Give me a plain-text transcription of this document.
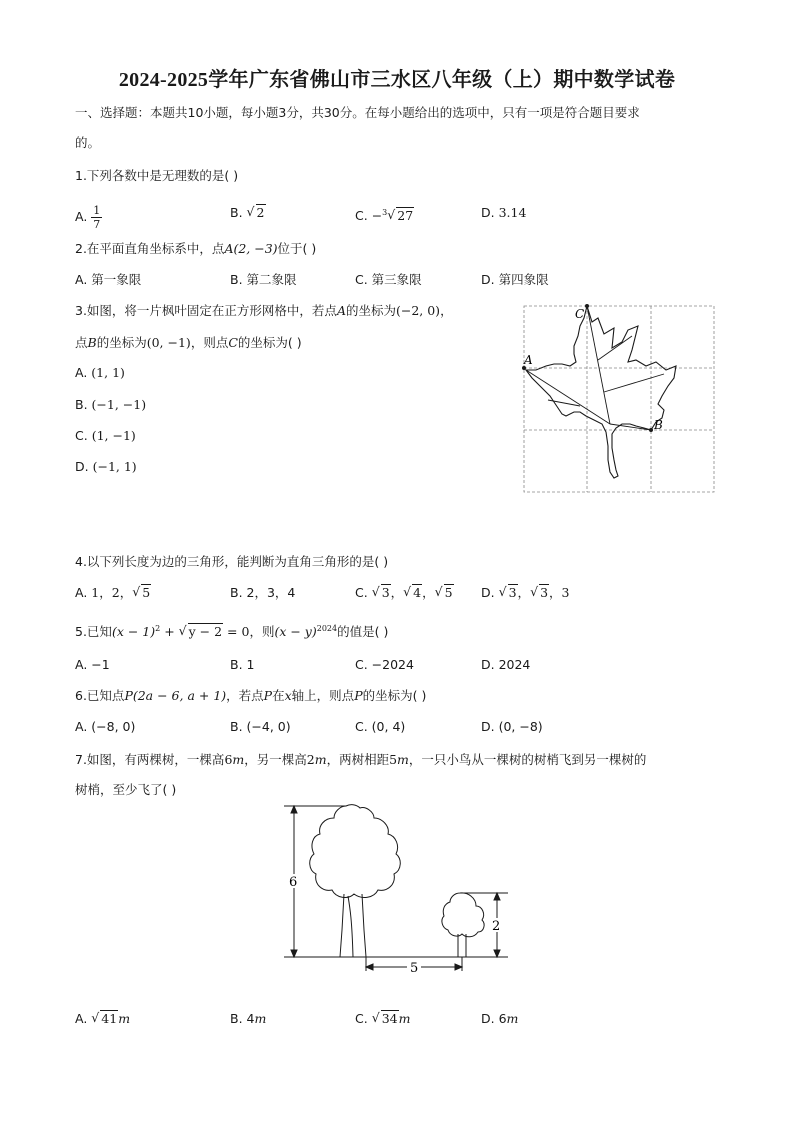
2024-2025学年广东省佛山市三水区八年级（上）期中数学试卷
一、选择题：本题共10小题，每小题3分，共30分。在每小题给出的选项中，只有一项是符合题目要求
的。
1.下列各数中是无理数的是( )
A. $\frac{1}{7}$	B. √ 2	C. −$^3$ √ 27	D. 3.14
2.在平面直角坐标系中，点A(2, −3)位于( )
A. 第一象限	B. 第二象限	C. 第三象限	D. 第四象限
3.如图，将一片枫叶固定在正方形网格中，若点A的坐标为(−2, 0)，
点B的坐标为(0, −1)，则点C的坐标为( )
A. (1, 1)
B. (−1, −1)
C. (1, −1)
D. (−1, 1)
C
A
B
4.以下列长度为边的三角形，能判断为直角三角形的是( )
A. 1，2， √ 5	B. 2，3，4	C. √ 3， √ 4， √ 5 D. √ 3， √ 3，3
5.已知$(x - 1)^2$ + √ y − 2 = 0，则$(x - y)^{2024}$的值是( )
A. −1	B. 1	C. −2024	D. 2024
6.已知点P(2a − 6, a + 1)，若点P在x轴上，则点P的坐标为( )
A. (−8, 0)	B. (−4, 0)	C. (0, 4)	D. (0, −8)
7.如图，有两棵树，一棵高6m，另一棵高2m，两树相距5m，一只小鸟从一棵树的树梢飞到另一棵树的
树梢，至少飞了( )
6
2
5
A. √ 41m	B. 4m	C. √ 34m	D. 6m
